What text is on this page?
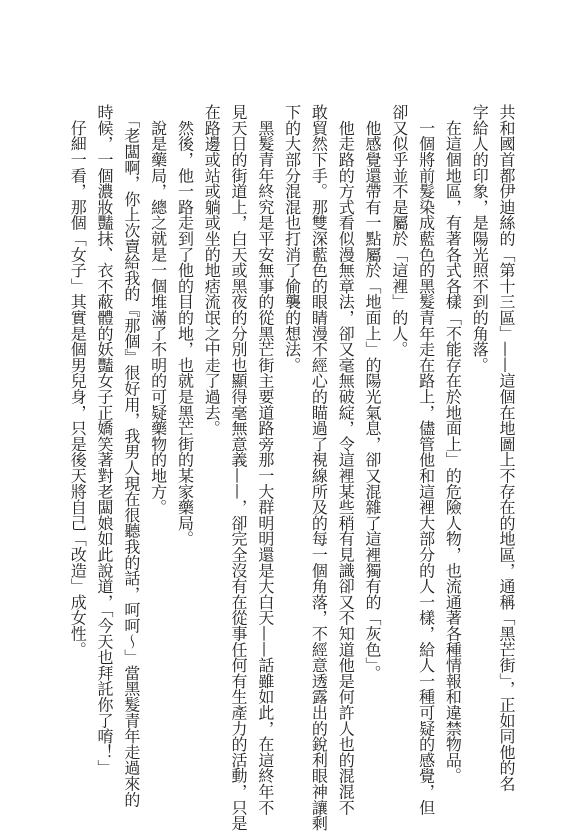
共和國首都伊迪絲的「第十三區」——這個在地圖上不存在的地區，通稱「黑芒街」，正如同他的名

字給人的印象，是陽光照不到的角落。

　在這個地區，有著各式各樣「不能存在於地面上」的危險人物，也流通著各種情報和違禁物品。

　一個將前髮染成藍色的黑髮青年走在路上，儘管他和這裡大部分的人一樣，給人一種可疑的感覺，但

卻又似乎並不是屬於「這裡」的人。

　他感覺還帶有一點屬於「地面上」的陽光氣息，卻又混雜了這裡獨有的「灰色」。

　他走路的方式看似漫無章法，卻又毫無破綻，令這裡某些稍有見識卻又不知道他是何許人也的混混不

敢貿然下手。那雙深藍色的眼睛漫不經心的瞄過了視線所及的每一個角落，不經意透露出的銳利眼神讓剩

下的大部分混混也打消了偷襲的想法。

　黑髮青年終究是平安無事的從黑芒街主要道路旁那一大群明明還是大白天——話雖如此，在這終年不

見天日的街道上，白天或黑夜的分別也顯得毫無意義——，卻完全沒有在從事任何有生產力的活動，只是

在路邊或站或躺或坐的地痞流氓之中走了過去。

　然後，他一路走到了他的目的地，也就是黑芒街的某家藥局。

　說是藥局，總之就是一個堆滿了不明的可疑藥物的地方。

　「老闆啊，你上次賣給我的『那個』很好用，我男人現在很聽我的話，呵呵～」當黑髮青年走過來的

時候，一個濃妝豔抹、衣不蔽體的妖豔女子正嬌笑著對老闆娘如此說道，「今天也拜託你了唷！」

　仔細一看，那個「女子」其實是個男兒身，只是後天將自己「改造」成女性。
